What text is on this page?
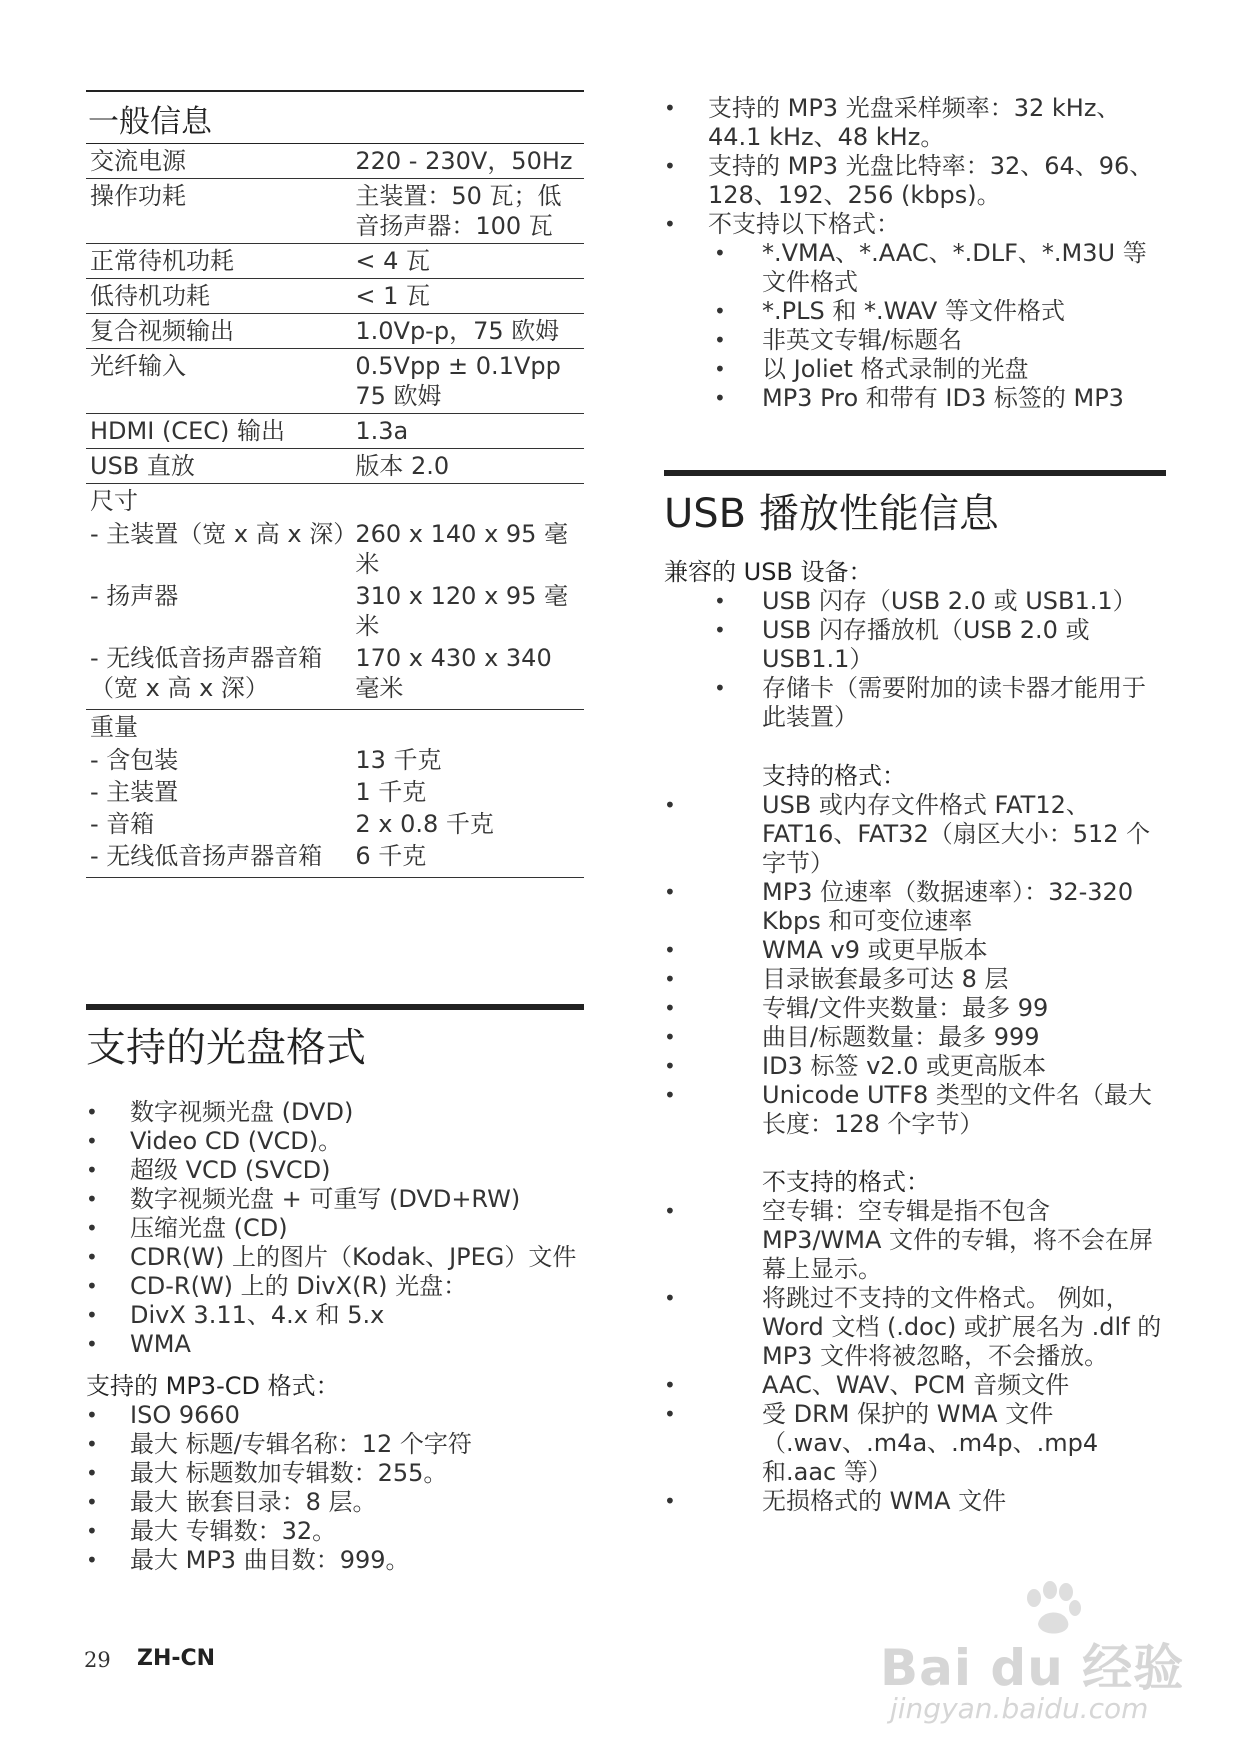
一般信息
交流电源	220 - 230V，50Hz
操作功耗	主装置：50 瓦；低音扬声器：100 瓦
正常待机功耗	< 4 瓦
低待机功耗	< 1 瓦
复合视频输出	1.0Vp-p，75 欧姆
光纤输入	0.5Vpp ± 0.1Vpp 75 欧姆
HDMI (CEC) 输出	1.3a
USB 直放	版本 2.0
尺寸	
- 主装置（宽 x 高 x 深）	260 x 140 x 95 毫米
- 扬声器	310 x 120 x 95 毫米
- 无线低音扬声器音箱（宽 x 高 x 深）	170 x 430 x 340 毫米
重量	
- 含包装	13 千克
- 主装置	1 千克
- 音箱	2 x 0.8 千克
- 无线低音扬声器音箱	6 千克
支持的光盘格式
• 数字视频光盘 (DVD)
• Video CD (VCD)。
• 超级 VCD (SVCD)
• 数字视频光盘 + 可重写 (DVD+RW)
• 压缩光盘 (CD)
• CDR(W) 上的图片（Kodak、JPEG）文件
• CD-R(W) 上的 DivX(R) 光盘：
• DivX 3.11、4.x 和 5.x
• WMA
支持的 MP3-CD 格式：
• ISO 9660
• 最大 标题/专辑名称：12 个字符
• 最大 标题数加专辑数：255。
• 最大 嵌套目录：8 层。
• 最大 专辑数：32。
• 最大 MP3 曲目数：999。
• 支持的 MP3 光盘采样频率：32 kHz、44.1 kHz、48 kHz。
• 支持的 MP3 光盘比特率：32、64、96、128、192、256 (kbps)。
• 不支持以下格式：
• *.VMA、*.AAC、*.DLF、*.M3U 等文件格式
• *.PLS 和 *.WAV 等文件格式
• 非英文专辑/标题名
• 以 Joliet 格式录制的光盘
• MP3 Pro 和带有 ID3 标签的 MP3
USB 播放性能信息
兼容的 USB 设备：
• USB 闪存（USB 2.0 或 USB1.1）
• USB 闪存播放机（USB 2.0 或 USB1.1）
• 存储卡（需要附加的读卡器才能用于此装置）
支持的格式：
•	USB 或内存文件格式 FAT12、FAT16、FAT32（扇区大小：512 个字节）
•	MP3 位速率（数据速率）：32-320 Kbps 和可变位速率
•	WMA v9 或更早版本
•	目录嵌套最多可达 8 层
•	专辑/文件夹数量：最多 99
•	曲目/标题数量：最多 999
•	ID3 标签 v2.0 或更高版本
•	Unicode UTF8 类型的文件名（最大长度：128 个字节）
不支持的格式：
•	空专辑：空专辑是指不包含 MP3/WMA 文件的专辑，将不会在屏幕上显示。
•	将跳过不支持的文件格式。 例如，Word 文档 (.doc) 或扩展名为 .dlf 的 MP3 文件将被忽略，不会播放。
•	AAC、WAV、PCM 音频文件
•	受 DRM 保护的 WMA 文件（.wav、.m4a、.m4p、.mp4 和.aac 等）
•	无损格式的 WMA 文件
29 ZH-CN	Bai du 经验
jingyan.baidu.com
